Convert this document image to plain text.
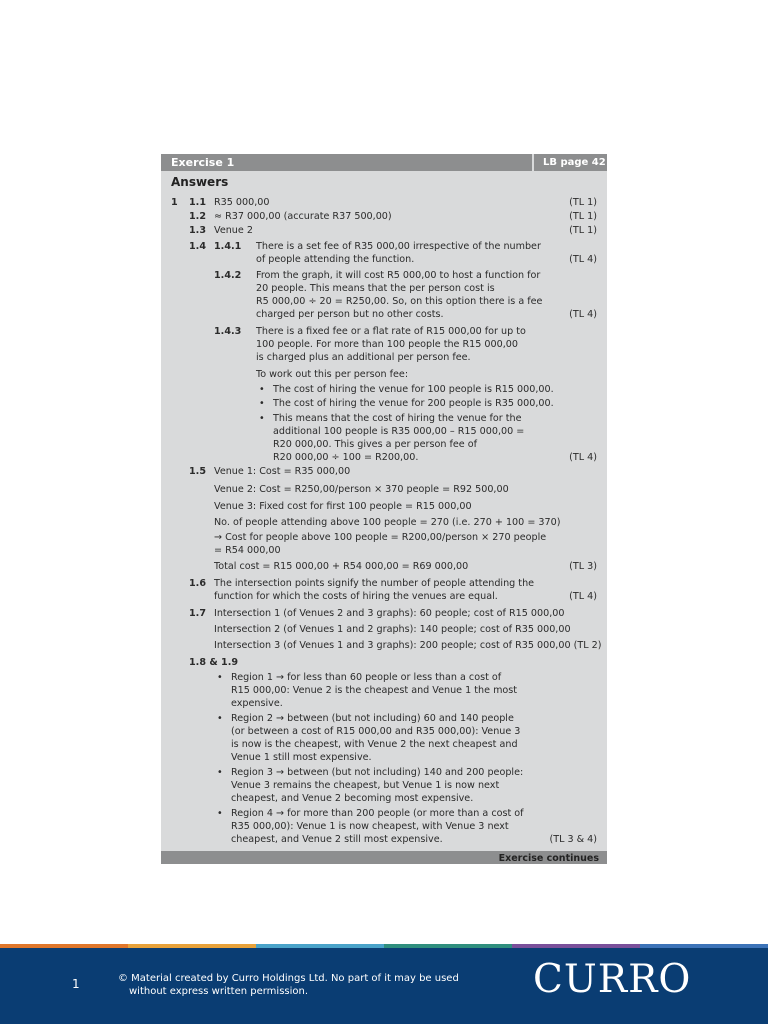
Exercise 1	LB page 42
Answers
1 1.1 R35 000,00	(TL 1)
1.2 ≈ R37 000,00 (accurate R37 500,00)	(TL 1)
1.3 Venue 2	(TL 1)
1.4 1.4.1 There is a set fee of R35 000,00 irrespective of the number
of people attending the function.	(TL 4)
1.4.2 From the graph, it will cost R5 000,00 to host a function for
20 people. This means that the per person cost is
R5 000,00 ÷ 20 = R250,00. So, on this option there is a fee
charged per person but no other costs.	(TL 4)
1.4.3 There is a fixed fee or a flat rate of R15 000,00 for up to
100 people. For more than 100 people the R15 000,00
is charged plus an additional per person fee.
To work out this per person fee:
• The cost of hiring the venue for 100 people is R15 000,00.
• The cost of hiring the venue for 200 people is R35 000,00.
• This means that the cost of hiring the venue for the
additional 100 people is R35 000,00 – R15 000,00 =
R20 000,00. This gives a per person fee of
R20 000,00 ÷ 100 = R200,00.	(TL 4)
1.5 Venue 1: Cost = R35 000,00
Venue 2: Cost = R250,00/person × 370 people = R92 500,00
Venue 3: Fixed cost for first 100 people = R15 000,00
No. of people attending above 100 people = 270 (i.e. 270 + 100 = 370)
→ Cost for people above 100 people = R200,00/person × 270 people
= R54 000,00
Total cost = R15 000,00 + R54 000,00 = R69 000,00	(TL 3)
1.6 The intersection points signify the number of people attending the
function for which the costs of hiring the venues are equal.	(TL 4)
1.7 Intersection 1 (of Venues 2 and 3 graphs): 60 people; cost of R15 000,00
Intersection 2 (of Venues 1 and 2 graphs): 140 people; cost of R35 000,00
Intersection 3 (of Venues 1 and 3 graphs): 200 people; cost of R35 000,00 (TL 2)
1.8 & 1.9
• Region 1 → for less than 60 people or less than a cost of
R15 000,00: Venue 2 is the cheapest and Venue 1 the most
expensive.
• Region 2 → between (but not including) 60 and 140 people
(or between a cost of R15 000,00 and R35 000,00): Venue 3
is now is the cheapest, with Venue 2 the next cheapest and
Venue 1 still most expensive.
• Region 3 → between (but not including) 140 and 200 people:
Venue 3 remains the cheapest, but Venue 1 is now next
cheapest, and Venue 2 becoming most expensive.
• Region 4 → for more than 200 people (or more than a cost of
R35 000,00): Venue 1 is now cheapest, with Venue 3 next
cheapest, and Venue 2 still most expensive.	(TL 3 & 4)
Exercise continues
1	© Material created by Curro Holdings Ltd. No part of it may be used
without express written permission.	CURRO
